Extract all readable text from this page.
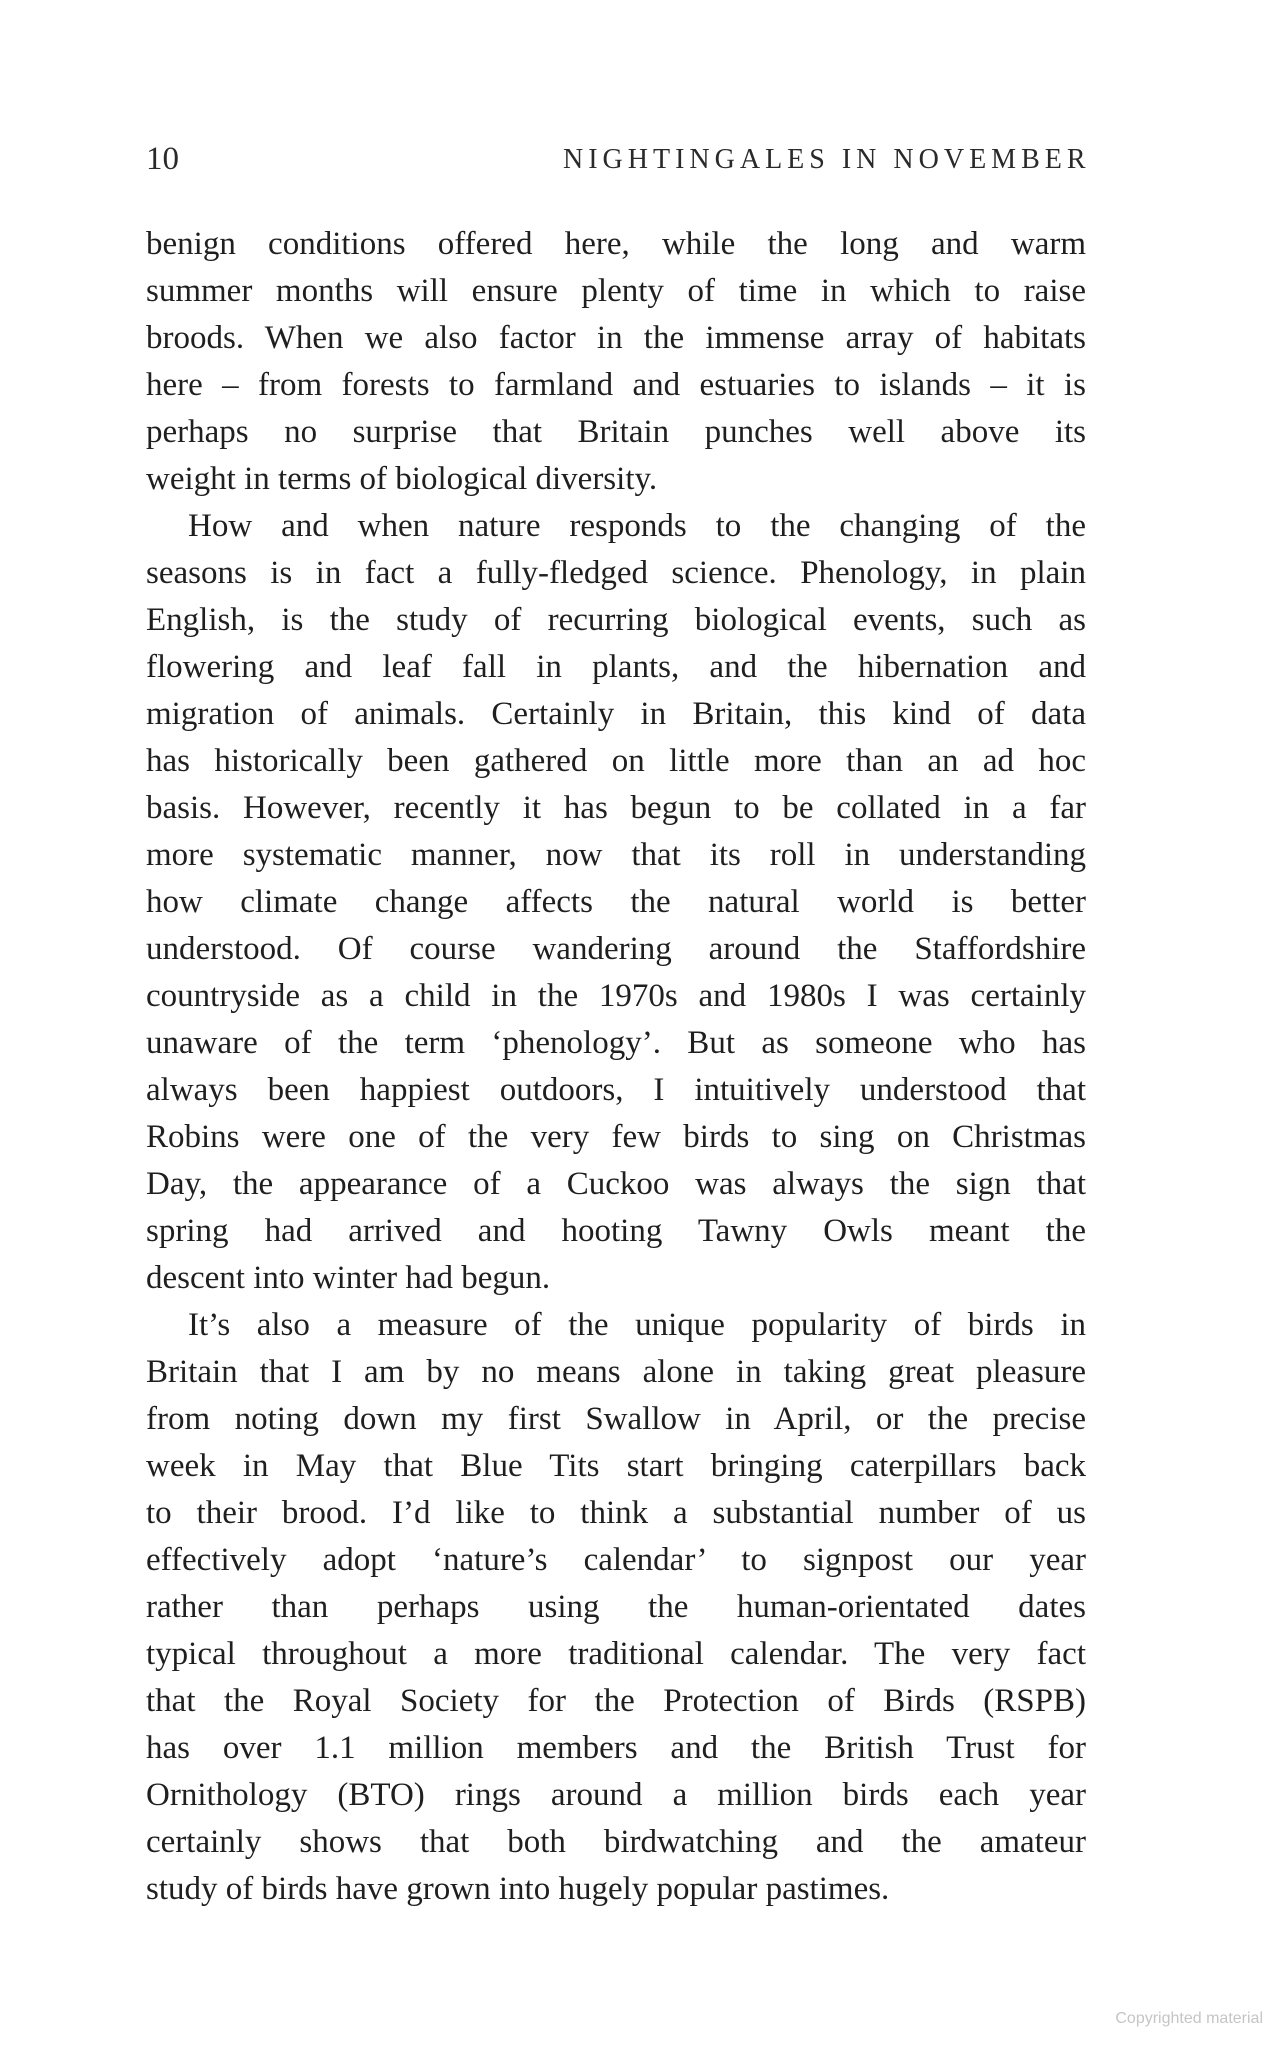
10	NIGHTINGALES IN NOVEMBER
benign conditions offered here, while the long and warm
summer months will ensure plenty of time in which to raise
broods. When we also factor in the immense array of habitats
here – from forests to farmland and estuaries to islands – it is
perhaps no surprise that Britain punches well above its
weight in terms of biological diversity.
How and when nature responds to the changing of the
seasons is in fact a fully-fledged science. Phenology, in plain
English, is the study of recurring biological events, such as
flowering and leaf fall in plants, and the hibernation and
migration of animals. Certainly in Britain, this kind of data
has historically been gathered on little more than an ad hoc
basis. However, recently it has begun to be collated in a far
more systematic manner, now that its roll in understanding
how climate change affects the natural world is better
understood. Of course wandering around the Staffordshire
countryside as a child in the 1970s and 1980s I was certainly
unaware of the term ‘phenology’. But as someone who has
always been happiest outdoors, I intuitively understood that
Robins were one of the very few birds to sing on Christmas
Day, the appearance of a Cuckoo was always the sign that
spring had arrived and hooting Tawny Owls meant the
descent into winter had begun.
It’s also a measure of the unique popularity of birds in
Britain that I am by no means alone in taking great pleasure
from noting down my first Swallow in April, or the precise
week in May that Blue Tits start bringing caterpillars back
to their brood. I’d like to think a substantial number of us
effectively adopt ‘nature’s calendar’ to signpost our year
rather than perhaps using the human-orientated dates
typical throughout a more traditional calendar. The very fact
that the Royal Society for the Protection of Birds (RSPB)
has over 1.1 million members and the British Trust for
Ornithology (BTO) rings around a million birds each year
certainly shows that both birdwatching and the amateur
study of birds have grown into hugely popular pastimes.
Copyrighted material
